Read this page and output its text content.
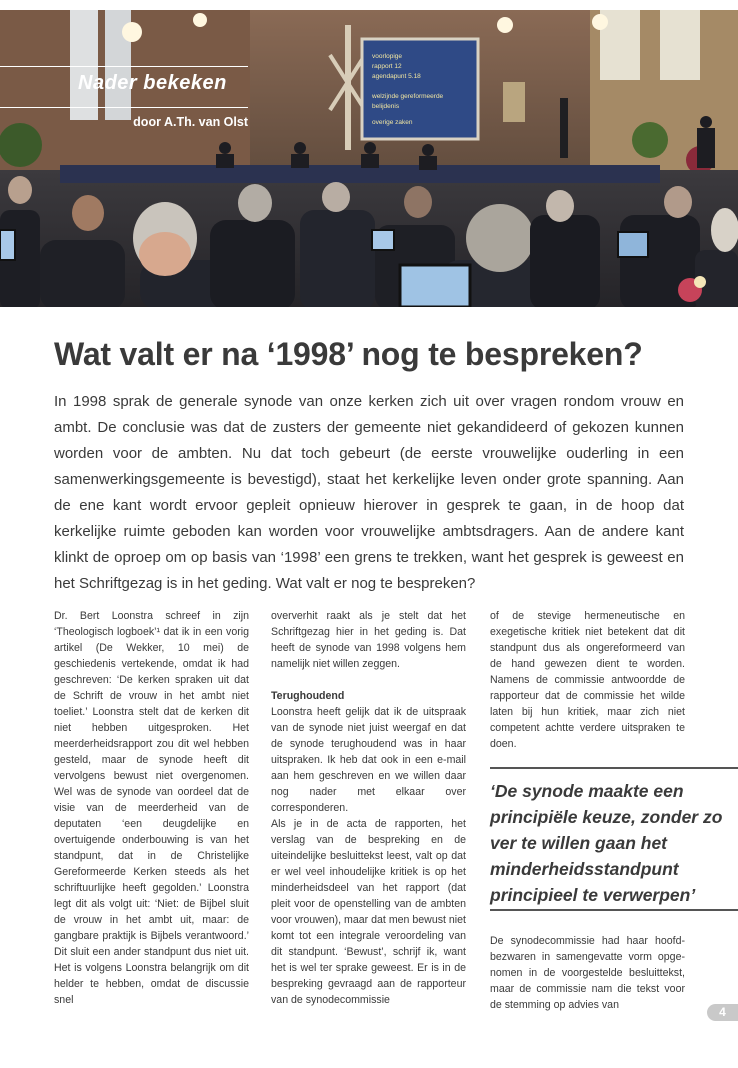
voorlopige
rapport 12
agendapunt 5.18
welzijnde gereformeerde
belijdenis
overige zaken
Nader bekeken
door A.Th. van Olst
Wat valt er na ‘1998’ nog te bespreken?

In 1998 sprak de generale synode van onze kerken zich uit over vragen rondom vrouw en ambt. De conclusie was dat de zusters der gemeente niet gekandideerd of gekozen kunnen worden voor de ambten. Nu dat toch gebeurt (de eerste vrouwelijke ouderling in een samenwerkingsgemeente is bevestigd), staat het kerkelijke leven onder grote spanning. Aan de ene kant wordt ervoor gepleit opnieuw hierover in gesprek te gaan, in de hoop dat kerkelijke ruimte geboden kan worden voor vrouwelijke ambtsdragers. Aan de andere kant klinkt de oproep om op basis van ‘1998’ een grens te trekken, want het gesprek is geweest en het Schriftgezag is in het geding. Wat valt er nog te bespreken?

Dr. Bert Loonstra schreef in zijn ‘Theologisch logboek’¹ dat ik in een vorig artikel (De Wekker, 10 mei) de geschiedenis vertekende, omdat ik had geschreven: ‘De kerken spraken uit dat de Schrift de vrouw in het ambt niet toeliet.’ Loonstra stelt dat de kerken dit niet hebben uitgesproken. Het meerderheidsrapport zou dit wel hebben gesteld, maar de synode heeft dit vervolgens bewust niet overgenomen. Wel was de synode van oordeel dat de visie van de meerderheid van de deputaten ‘een deugdelijke en overtuigende onderbouwing is van het standpunt, dat in de Christelijke Gereformeerde Kerken steeds als het schriftuurlijke heeft gegolden.’ Loonstra legt dit als volgt uit: ‘Niet: de Bijbel sluit de vrouw in het ambt uit, maar: de gangbare praktijk is Bijbels verantwoord.’ Dit sluit een ander standpunt dus niet uit. Het is volgens Loonstra belangrijk om dit helder te hebben, omdat de discussie snel

oververhit raakt als je stelt dat het Schriftgezag hier in het geding is. Dat heeft de synode van 1998 volgens hem namelijk niet willen zeggen.

Terughoudend

Loonstra heeft gelijk dat ik de uitspraak van de synode niet juist weergaf en dat de synode terughoudend was in haar uitspraken. Ik heb dat ook in een e-mail aan hem geschreven en we willen daar nog nader met elkaar over corresponderen.

Als je in de acta de rapporten, het verslag van de bespreking en de uiteindelijke besluittekst leest, valt op dat er wel veel inhoudelijke kritiek is op het minderheidsdeel van het rapport (dat pleit voor de openstelling van de ambten voor vrouwen), maar dat men bewust niet komt tot een integrale veroordeling van dit standpunt. ‘Bewust’, schrijf ik, want het is wel ter sprake geweest. Er is in de bespreking gevraagd aan de rapporteur van de synodecommissie

of de stevige hermeneutische en exegetische kritiek niet betekent dat dit standpunt dus als ongereformeerd van de hand gewezen dient te worden. Namens de commissie antwoordde de rapporteur dat de commissie het wilde laten bij hun kritiek, maar zich niet competent achtte verdere uitspraken te doen.

‘De synode maakte een principiële keuze, zonder zo ver te willen gaan het minderheidsstandpunt principieel te verwerpen’

De synodecommissie had haar hoofdbezwaren in samengevatte vorm opgenomen in de voorgestelde besluittekst, maar de commissie nam die tekst voor de stemming op advies van	4
